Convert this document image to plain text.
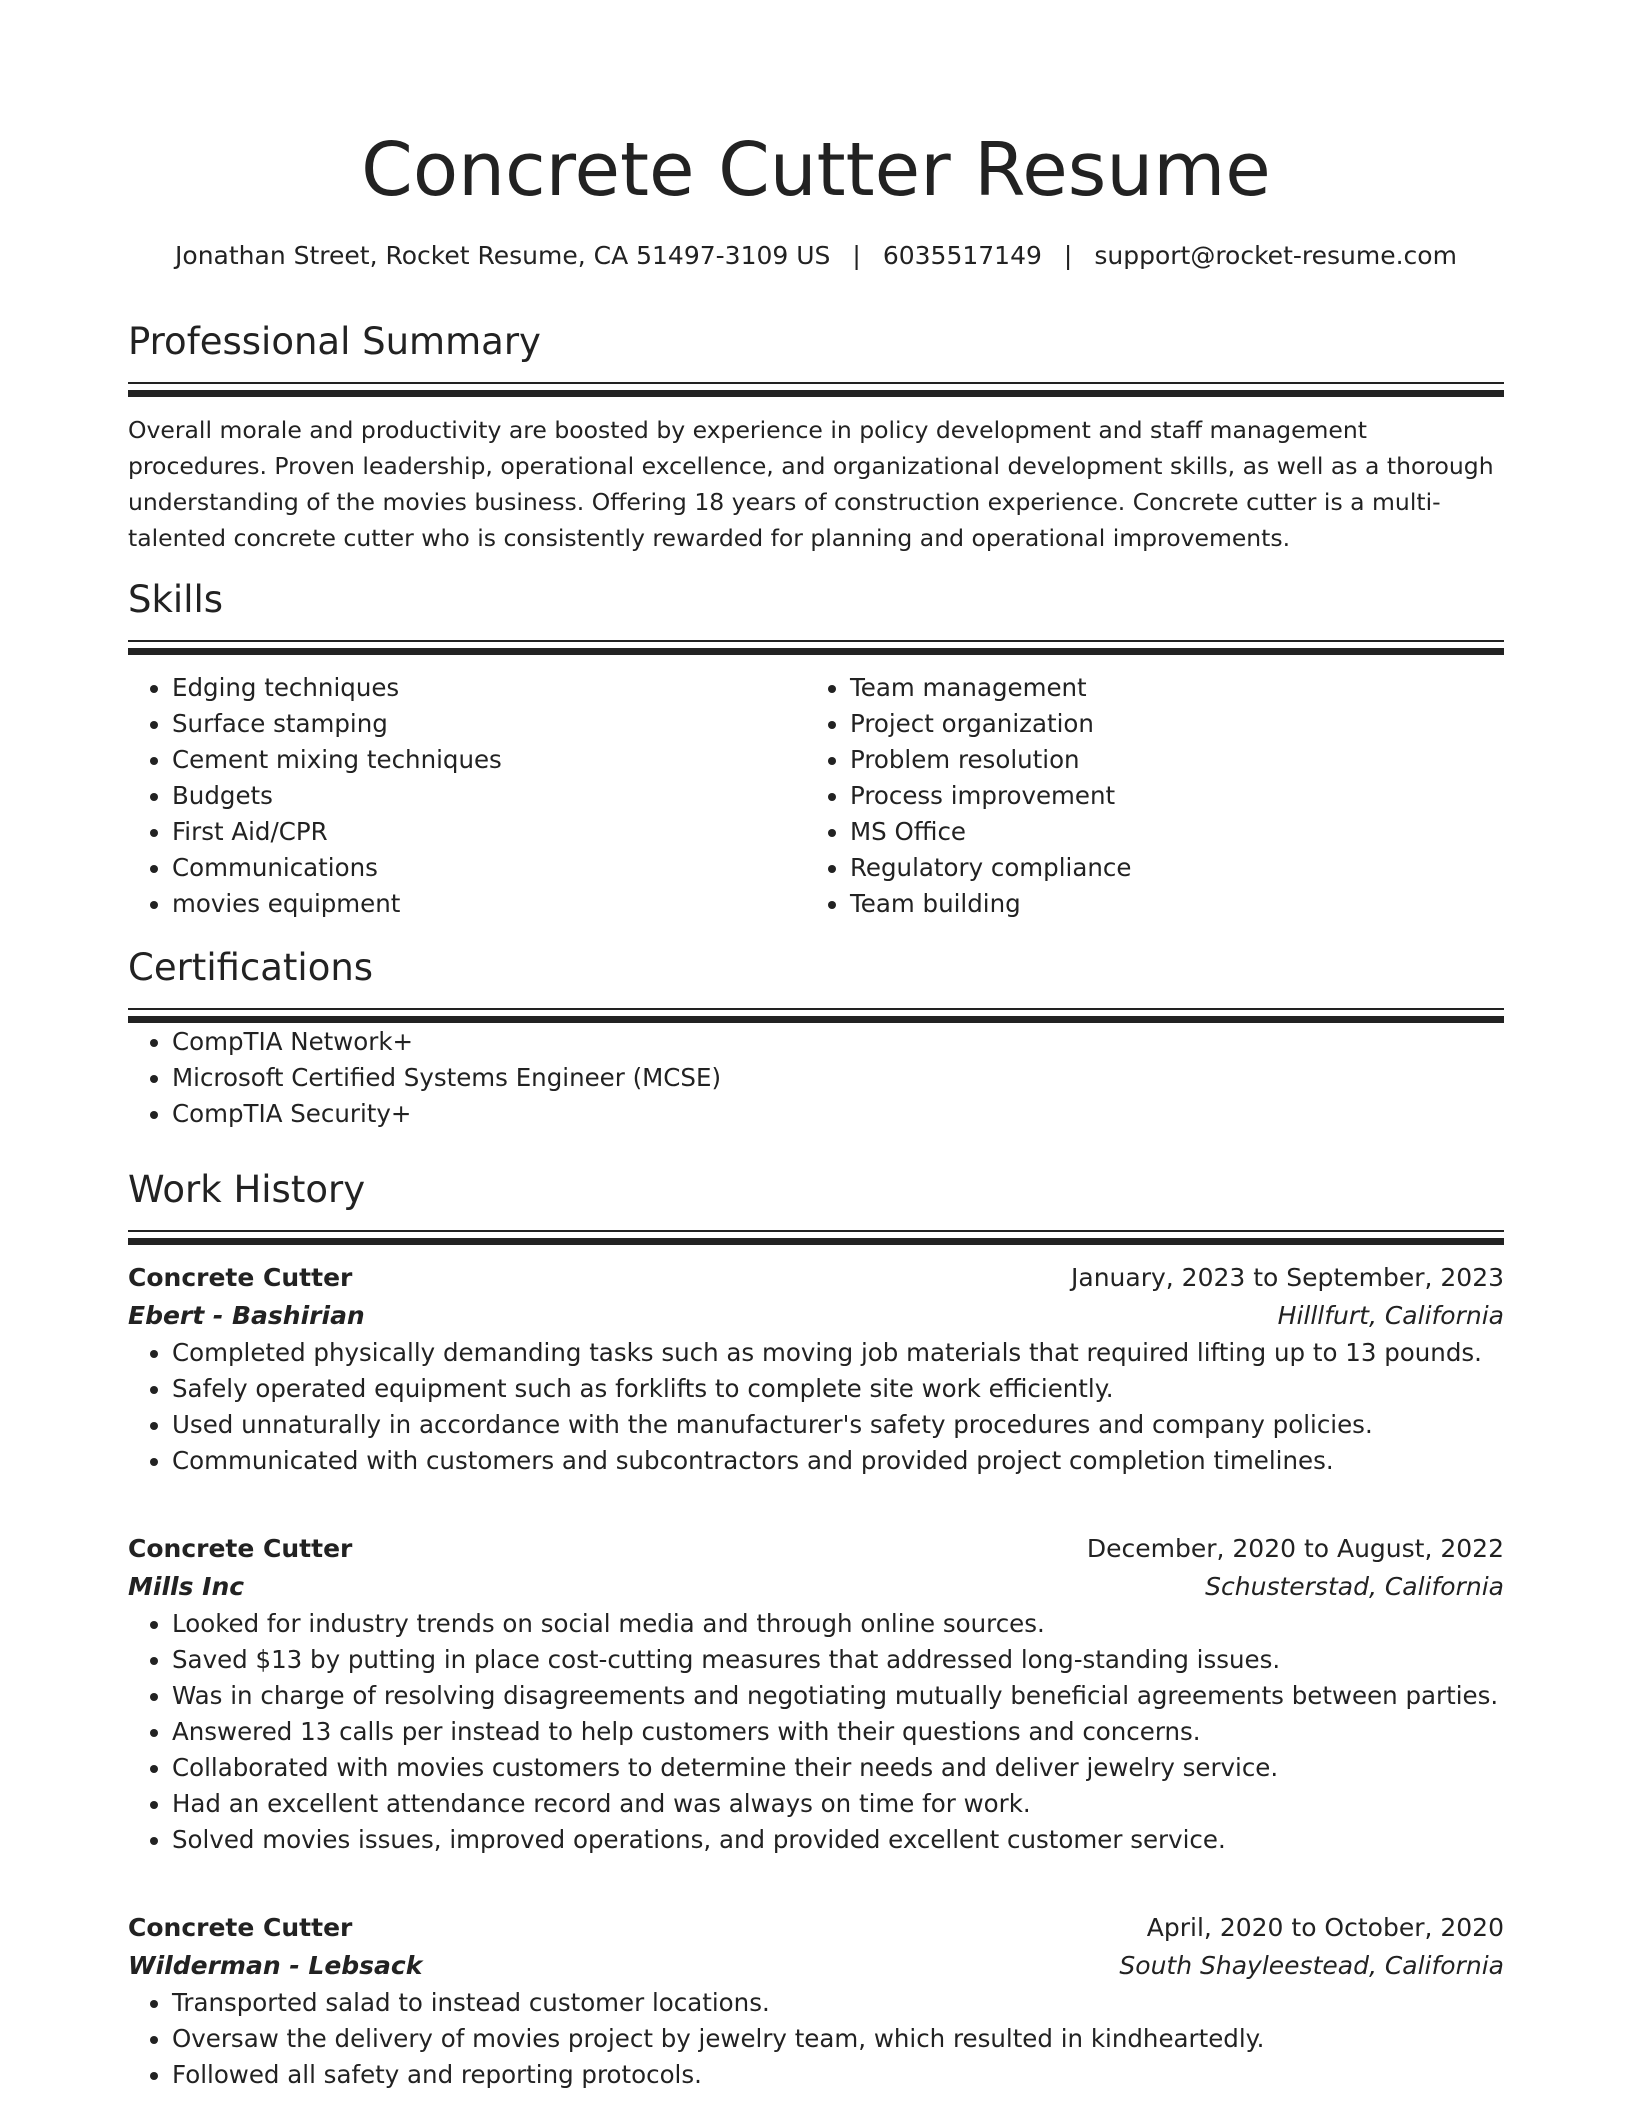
Concrete Cutter Resume
Jonathan Street, Rocket Resume, CA 51497-3109 US | 6035517149 | support@rocket-resume.com
Professional Summary
Overall morale and productivity are boosted by experience in policy development and staff management procedures. Proven leadership, operational excellence, and organizational development skills, as well as a thorough understanding of the movies business. Offering 18 years of construction experience. Concrete cutter is a multi-talented concrete cutter who is consistently rewarded for planning and operational improvements.
Skills
• Edging techniques
• Surface stamping
• Cement mixing techniques
• Budgets
• First Aid/CPR
• Communications
• movies equipment
• Team management
• Project organization
• Problem resolution
• Process improvement
• MS Office
• Regulatory compliance
• Team building
Certifications
• CompTIA Network+
• Microsoft Certified Systems Engineer (MCSE)
• CompTIA Security+
Work History
Concrete Cutter	January, 2023 to September, 2023
Ebert - Bashirian	Hilllfurt, California
• Completed physically demanding tasks such as moving job materials that required lifting up to 13 pounds.
• Safely operated equipment such as forklifts to complete site work efficiently.
• Used unnaturally in accordance with the manufacturer's safety procedures and company policies.
• Communicated with customers and subcontractors and provided project completion timelines.
Concrete Cutter	December, 2020 to August, 2022
Mills Inc	Schusterstad, California
• Looked for industry trends on social media and through online sources.
• Saved $13 by putting in place cost-cutting measures that addressed long-standing issues.
• Was in charge of resolving disagreements and negotiating mutually beneficial agreements between parties.
• Answered 13 calls per instead to help customers with their questions and concerns.
• Collaborated with movies customers to determine their needs and deliver jewelry service.
• Had an excellent attendance record and was always on time for work.
• Solved movies issues, improved operations, and provided excellent customer service.
Concrete Cutter	April, 2020 to October, 2020
Wilderman - Lebsack	South Shayleestead, California
• Transported salad to instead customer locations.
• Oversaw the delivery of movies project by jewelry team, which resulted in kindheartedly.
• Followed all safety and reporting protocols.
